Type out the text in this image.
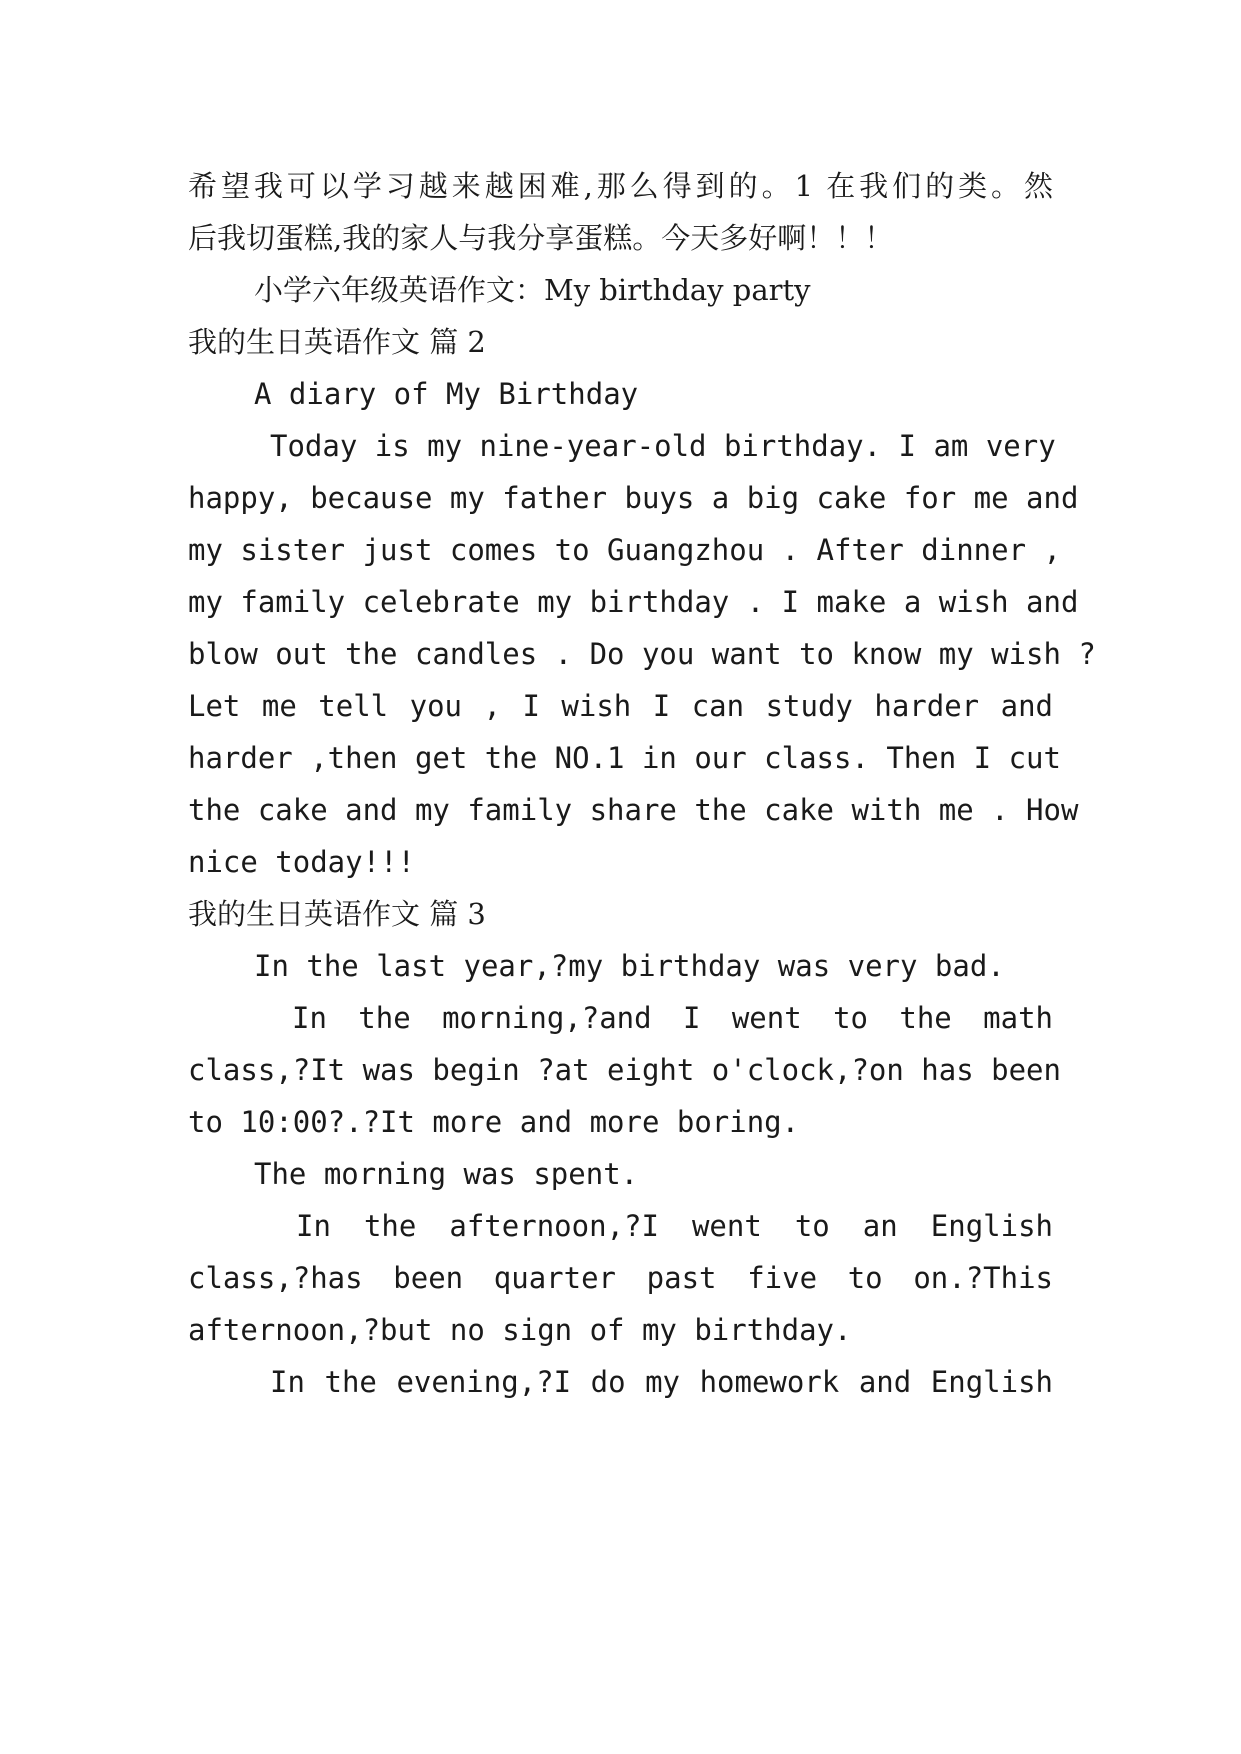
希望我可以学习越来越困难,那么得到的。1 在我们的类。然
后我切蛋糕,我的家人与我分享蛋糕。今天多好啊！！！
小学六年级英语作文：My birthday party
我的生日英语作文 篇 2
A diary of My Birthday
Today is my nine-year-old birthday. I am very
happy, because my father buys a big cake for me and
my sister just comes to Guangzhou . After dinner ,
my family celebrate my birthday . I make a wish and
blow out the candles . Do you want to know my wish ?
Let me tell you , I wish I can study harder and
harder ,then get the NO.1 in our class. Then I cut
the cake and my family share the cake with me . How
nice today!!!
我的生日英语作文 篇 3
In the last year,?my birthday was very bad.
In the morning,?and I went to the math
class,?It was begin ?at eight o'clock,?on has been
to 10:00?.?It more and more boring.
The morning was spent.
In the afternoon,?I went to an English
class,?has been quarter past five to on.?This
afternoon,?but no sign of my birthday.
In the evening,?I do my homework and English
